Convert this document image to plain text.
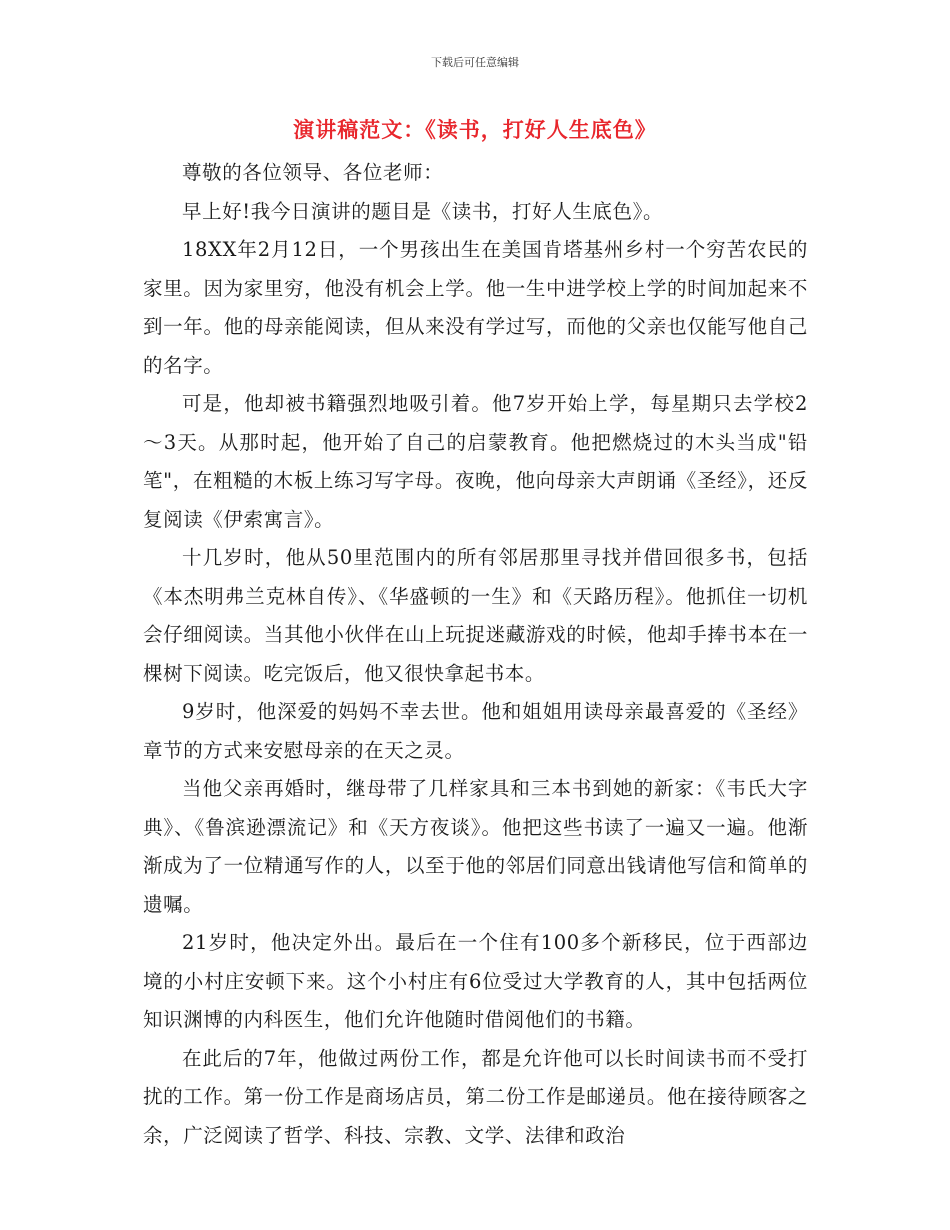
下载后可任意编辑
演讲稿范文：《读书，打好人生底色》

尊敬的各位领导、各位老师：

早上好!我今日演讲的题目是《读书，打好人生底色》。

18XX年2月12日，一个男孩出生在美国肯塔基州乡村一个穷苦农民的家里。因为家里穷，他没有机会上学。他一生中进学校上学的时间加起来不到一年。他的母亲能阅读，但从来没有学过写，而他的父亲也仅能写他自己的名字。

可是，他却被书籍强烈地吸引着。他7岁开始上学，每星期只去学校2～3天。从那时起，他开始了自己的启蒙教育。他把燃烧过的木头当成"铅笔"，在粗糙的木板上练习写字母。夜晚，他向母亲大声朗诵《圣经》，还反复阅读《伊索寓言》。

十几岁时，他从50里范围内的所有邻居那里寻找并借回很多书，包括《本杰明弗兰克林自传》、《华盛顿的一生》和《天路历程》。他抓住一切机会仔细阅读。当其他小伙伴在山上玩捉迷藏游戏的时候，他却手捧书本在一棵树下阅读。吃完饭后，他又很快拿起书本。

9岁时，他深爱的妈妈不幸去世。他和姐姐用读母亲最喜爱的《圣经》章节的方式来安慰母亲的在天之灵。

当他父亲再婚时，继母带了几样家具和三本书到她的新家：《韦氏大字典》、《鲁滨逊漂流记》和《天方夜谈》。他把这些书读了一遍又一遍。他渐渐成为了一位精通写作的人，以至于他的邻居们同意出钱请他写信和简单的遗嘱。

21岁时，他决定外出。最后在一个住有100多个新移民，位于西部边境的小村庄安顿下来。这个小村庄有6位受过大学教育的人，其中包括两位知识渊博的内科医生，他们允许他随时借阅他们的书籍。

在此后的7年，他做过两份工作，都是允许他可以长时间读书而不受打扰的工作。第一份工作是商场店员，第二份工作是邮递员。他在接待顾客之余，广泛阅读了哲学、科技、宗教、文学、法律和政治
